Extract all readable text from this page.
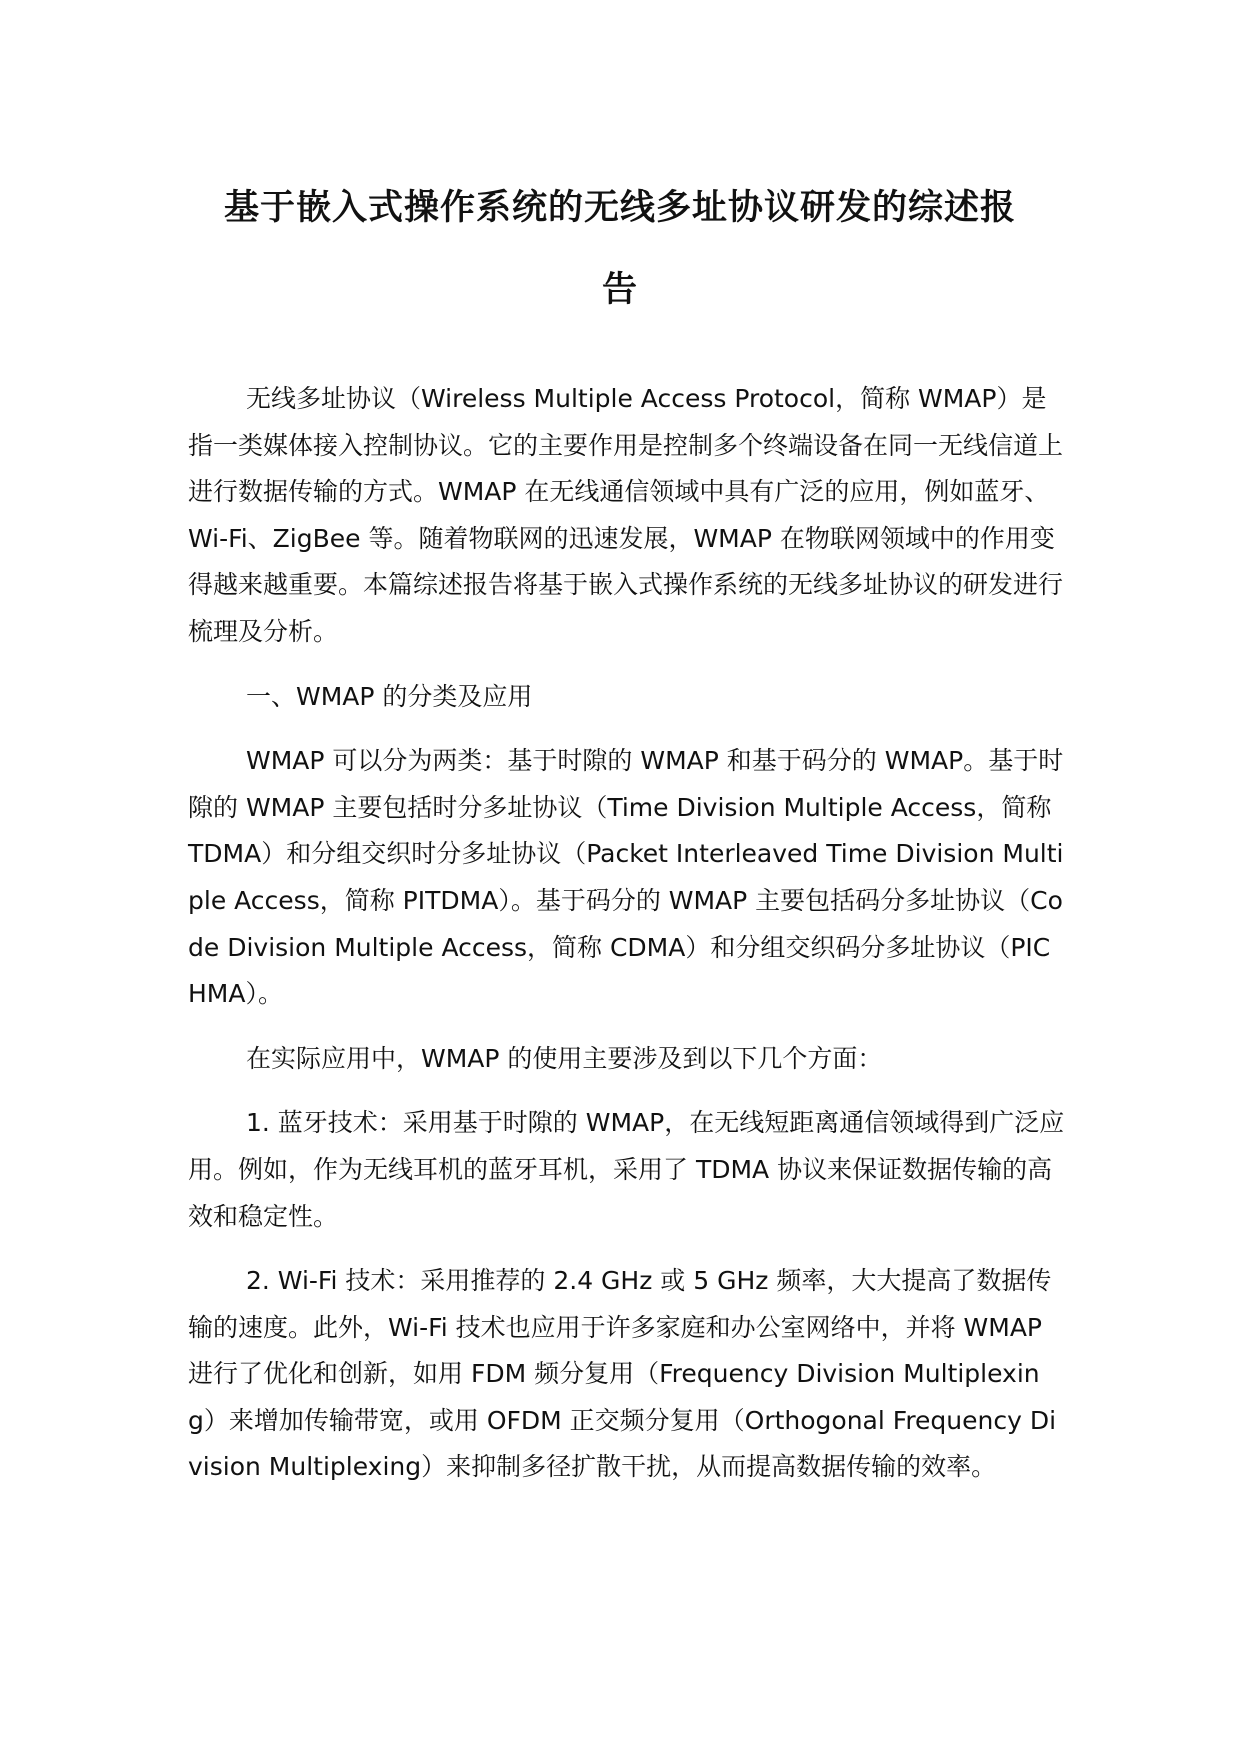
基于嵌入式操作系统的无线多址协议研发的综述报
告

无线多址协议（Wireless Multiple Access Protocol，简称 WMAP）是指一类媒体接入控制协议。它的主要作用是控制多个终端设备在同一无线信道上进行数据传输的方式。WMAP 在无线通信领域中具有广泛的应用，例如蓝牙、Wi-Fi、ZigBee 等。随着物联网的迅速发展，WMAP 在物联网领域中的作用变得越来越重要。本篇综述报告将基于嵌入式操作系统的无线多址协议的研发进行梳理及分析。

一、WMAP 的分类及应用

WMAP 可以分为两类：基于时隙的 WMAP 和基于码分的 WMAP。基于时隙的 WMAP 主要包括时分多址协议（Time Division Multiple Access，简称 TDMA）和分组交织时分多址协议（Packet Interleaved Time Division Multiple Access，简称 PITDMA）。基于码分的 WMAP 主要包括码分多址协议（Code Division Multiple Access，简称 CDMA）和分组交织码分多址协议（PICHMA）。

在实际应用中，WMAP 的使用主要涉及到以下几个方面：

1. 蓝牙技术：采用基于时隙的 WMAP，在无线短距离通信领域得到广泛应用。例如，作为无线耳机的蓝牙耳机，采用了 TDMA 协议来保证数据传输的高效和稳定性。

2. Wi-Fi 技术：采用推荐的 2.4 GHz 或 5 GHz 频率，大大提高了数据传输的速度。此外，Wi-Fi 技术也应用于许多家庭和办公室网络中，并将 WMAP 进行了优化和创新，如用 FDM 频分复用（Frequency Division Multiplexing）来增加传输带宽，或用 OFDM 正交频分复用（Orthogonal Frequency Division Multiplexing）来抑制多径扩散干扰，从而提高数据传输的效率。
